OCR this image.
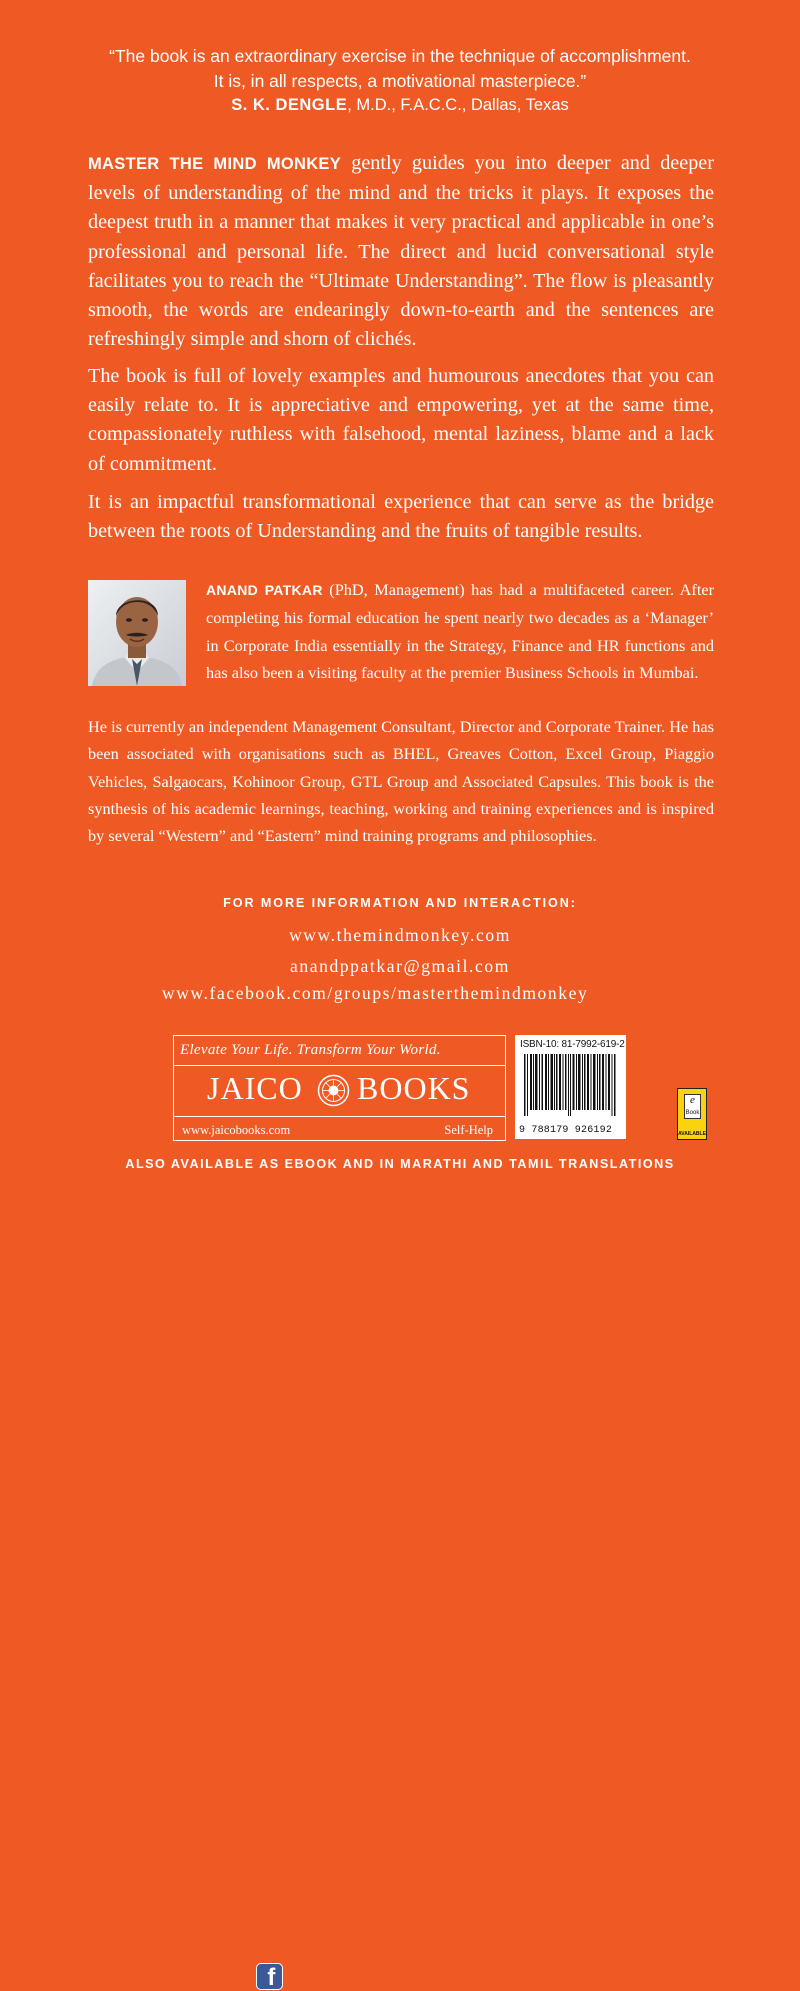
“The book is an extraordinary exercise in the technique of accomplishment.
It is, in all respects, a motivational masterpiece.”
S. K. DENGLE, M.D., F.A.C.C., Dallas, Texas

MASTER THE MIND MONKEY gently guides you into deeper and deeper levels of understanding of the mind and the tricks it plays. It exposes the deepest truth in a manner that makes it very practical and applicable in one’s professional and personal life. The direct and lucid conversational style facilitates you to reach the “Ultimate Understanding”. The flow is pleasantly smooth, the words are endearingly down-to-earth and the sentences are refreshingly simple and shorn of clichés.

The book is full of lovely examples and humourous anecdotes that you can easily relate to. It is appreciative and empowering, yet at the same time, compassionately ruthless with falsehood, mental laziness, blame and a lack of commitment.

It is an impactful transformational experience that can serve as the bridge between the roots of Understanding and the fruits of tangible results.

ANAND PATKAR (PhD, Management) has had a multifaceted career. After completing his formal education he spent nearly two decades as a ‘Manager’ in Corporate India essentially in the Strategy, Finance and HR functions and has also been a visiting faculty at the premier Business Schools in Mumbai.

He is currently an independent Management Consultant, Director and Corporate Trainer. He has been associated with organisations such as BHEL, Greaves Cotton, Excel Group, Piaggio Vehicles, Salgaocars, Kohinoor Group, GTL Group and Associated Capsules. This book is the synthesis of his academic learnings, teaching, working and training experiences and is inspired by several “Western” and “Eastern” mind training programs and philosophies.

FOR MORE INFORMATION AND INTERACTION:
www.themindmonkey.com
anandppatkar@gmail.com
f
www.facebook.com/groups/masterthemindmonkey
Elevate Your Life. Transform Your World.
JAICO BOOKS
www.jaicobooks.com	Self-Help
ISBN-10: 81-7992-619-2
9 788179 926192
e
Book
AVAILABLE
ALSO AVAILABLE AS EBOOK AND IN MARATHI AND TAMIL TRANSLATIONS
